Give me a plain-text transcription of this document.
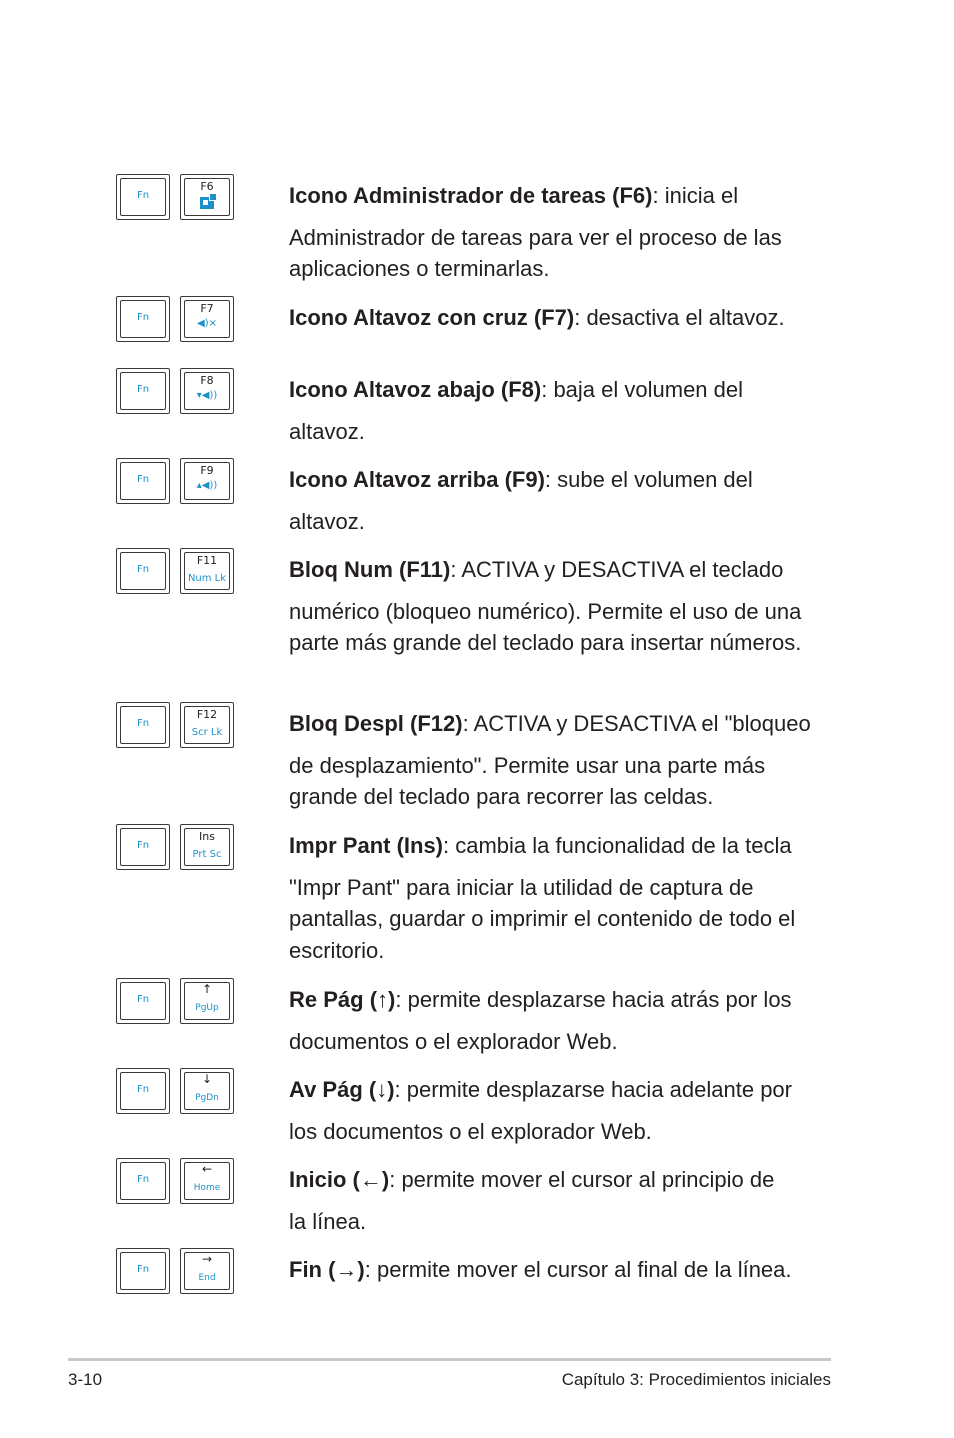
Fn
F6	Icono Administrador de tareas (F6): inicia el
Administrador de tareas para ver el proceso de las aplicaciones o terminarlas.
Fn
F7
◀)⨯	Icono Altavoz con cruz (F7): desactiva el altavoz.
Fn
F8
▾◀))	Icono Altavoz abajo (F8): baja el volumen del
altavoz.
Fn
F9
▴◀))	Icono Altavoz arriba (F9): sube el volumen del
altavoz.
Fn
F11
Num Lk	Bloq Num (F11): ACTIVA y DESACTIVA el teclado
numérico (bloqueo numérico). Permite el uso de una parte más grande del teclado para insertar números.
Fn
F12
Scr Lk	Bloq Despl (F12): ACTIVA y DESACTIVA el "bloqueo
de desplazamiento". Permite usar una parte más grande del teclado para recorrer las celdas.
Fn
Ins
Prt Sc	Impr Pant (Ins): cambia la funcionalidad de la tecla
"Impr Pant" para iniciar la utilidad de captura de pantallas, guardar o imprimir el contenido de todo el escritorio.
Fn
↑
PgUp	Re Pág (↑): permite desplazarse hacia atrás por los
documentos o el explorador Web.
Fn
↓
PgDn	Av Pág (↓): permite desplazarse hacia adelante por
los documentos o el explorador Web.
Fn
←
Home	Inicio (←): permite mover el cursor al principio de
la línea.
Fn
→
End	Fin (→): permite mover el cursor al final de la línea.
3-10	Capítulo 3: Procedimientos iniciales
